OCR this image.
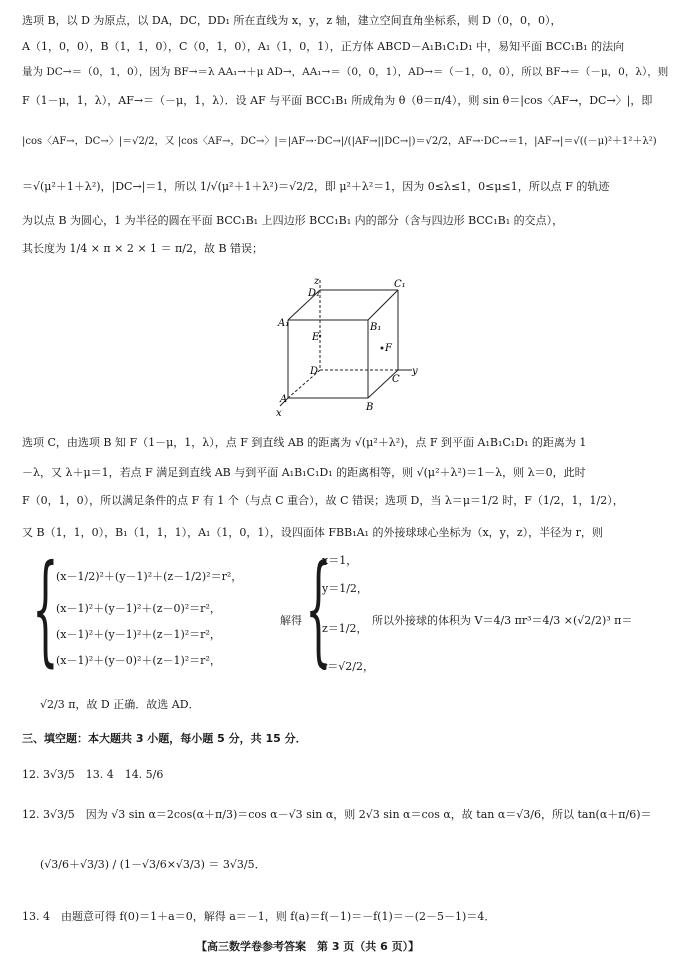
选项 B，以 D 为原点，以 DA，DC，DD₁ 所在直线为 x，y，z 轴，建立空间直角坐标系，则 D（0，0，0），
A（1，0，0），B（1，1，0），C（0，1，0），A₁（1，0，1），正方体 ABCD－A₁B₁C₁D₁ 中，易知平面 BCC₁B₁ 的法向
量为 DC→＝（0，1，0），因为 BF→＝λ AA₁→＋μ AD→，AA₁→＝（0，0，1），AD→＝（－1，0，0），所以 BF→＝（－μ，0，λ），则
F（1－μ，1，λ），AF→＝（－μ，1，λ）．设 AF 与平面 BCC₁B₁ 所成角为 θ（θ＝π/4），则 sin θ＝|cos〈AF→，DC→〉|，即
|cos〈AF→，DC→〉|＝√2/2，又 |cos〈AF→，DC→〉|＝|AF→·DC→|/(|AF→||DC→|)＝√2/2，AF→·DC→＝1，|AF→|＝√((－μ)²＋1²＋λ²)
＝√(μ²＋1＋λ²)，|DC→|＝1，所以 1/√(μ²＋1＋λ²)＝√2/2，即 μ²＋λ²＝1，因为 0≤λ≤1，0≤μ≤1，所以点 F 的轨迹
为以点 B 为圆心，1 为半径的圆在平面 BCC₁B₁ 上四边形 BCC₁B₁ 内的部分（含与四边形 BCC₁B₁ 的交点），
其长度为 1/4 × π × 2 × 1 ＝ π/2，故 B 错误；
z
D₁
C₁
A₁	B₁
E
F
D
C
y
A
B
x
选项 C，由选项 B 知 F（1－μ，1，λ），点 F 到直线 AB 的距离为 √(μ²＋λ²)，点 F 到平面 A₁B₁C₁D₁ 的距离为 1
－λ，又 λ＋μ＝1，若点 F 满足到直线 AB 与到平面 A₁B₁C₁D₁ 的距离相等，则 √(μ²＋λ²)＝1－λ，则 λ＝0，此时
F（0，1，0），所以满足条件的点 F 有 1 个（与点 C 重合），故 C 错误；选项 D，当 λ＝μ＝1/2 时，F（1/2，1，1/2），
又 B（1，1，0），B₁（1，1，1），A₁（1，0，1），设四面体 FBB₁A₁ 的外接球球心坐标为（x，y，z），半径为 r，则
{
(x－1/2)²＋(y－1)²＋(z－1/2)²＝r²，
(x－1)²＋(y－1)²＋(z－0)²＝r²，
(x－1)²＋(y－1)²＋(z－1)²＝r²，
(x－1)²＋(y－0)²＋(z－1)²＝r²，
解得 {
x＝1，
y＝1/2，
z＝1/2，
r＝√2/2，
所以外接球的体积为 V＝4/3 πr³＝4/3 ×(√2/2)³ π＝
√2/3 π，故 D 正确．故选 AD．
三、填空题：本大题共 3 小题，每小题 5 分，共 15 分．
12. 3√3/5　13. 4　14. 5/6
12. 3√3/5　因为 √3 sin α＝2cos(α＋π/3)＝cos α－√3 sin α，则 2√3 sin α＝cos α，故 tan α＝√3/6，所以 tan(α＋π/6)＝
(√3/6＋√3/3) / (1－√3/6×√3/3) ＝ 3√3/5．
13. 4　由题意可得 f(0)＝1＋a＝0，解得 a＝－1，则 f(a)＝f(－1)＝－f(1)＝－(2－5－1)＝4．
【高三数学卷参考答案　第 3 页（共 6 页）】
